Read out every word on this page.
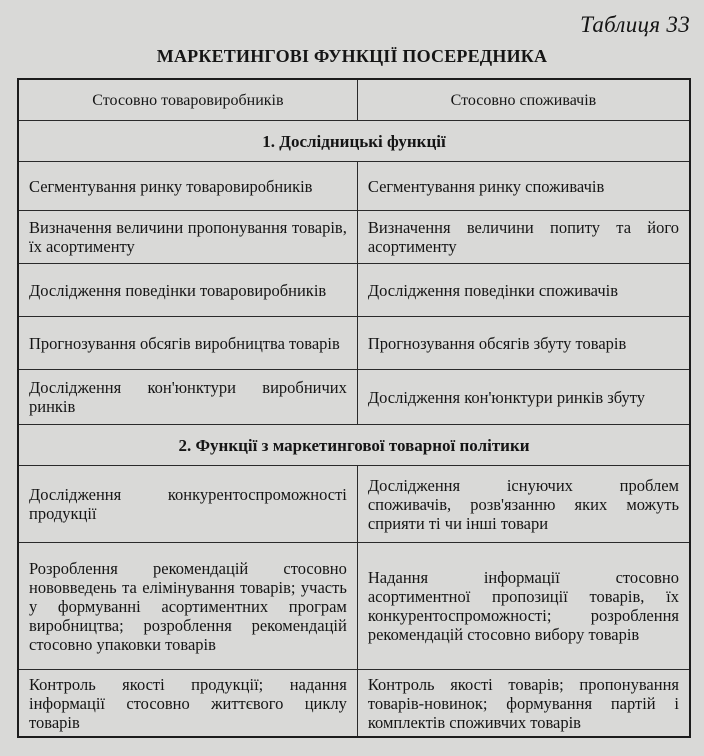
Таблиця 33
МАРКЕТИНГОВІ ФУНКЦІЇ ПОСЕРЕДНИКА
Стосовно товаровиробників	Стосовно споживачів
1. Дослідницькі функції	
Сегментування ринку товаровиробників	Сегментування ринку споживачів
Визначення величини пропонування товарів, їх асортименту	Визначення величини попиту та його асортименту
Дослідження поведінки товаровиробників	Дослідження поведінки споживачів
Прогнозування обсягів виробництва товарів	Прогнозування обсягів збуту товарів
Дослідження кон'юнктури виробничих ринків	Дослідження кон'юнктури ринків збуту
2. Функції з маркетингової товарної політики	
Дослідження конкурентоспроможності продукції	Дослідження існуючих проблем споживачів, розв'язанню яких можуть сприяти ті чи інші товари
Розроблення рекомендацій стосовно нововведень та елімінування товарів; участь у формуванні асортиментних програм виробництва; розроблення рекомендацій стосовно упаковки товарів	Надання інформації стосовно асортиментної пропозиції товарів, їх конкурентоспроможності; розроблення рекомендацій стосовно вибору товарів
Контроль якості продукції; надання інформації стосовно життєвого циклу товарів	Контроль якості товарів; пропонування товарів-новинок; формування партій і комплектів споживчих товарів
